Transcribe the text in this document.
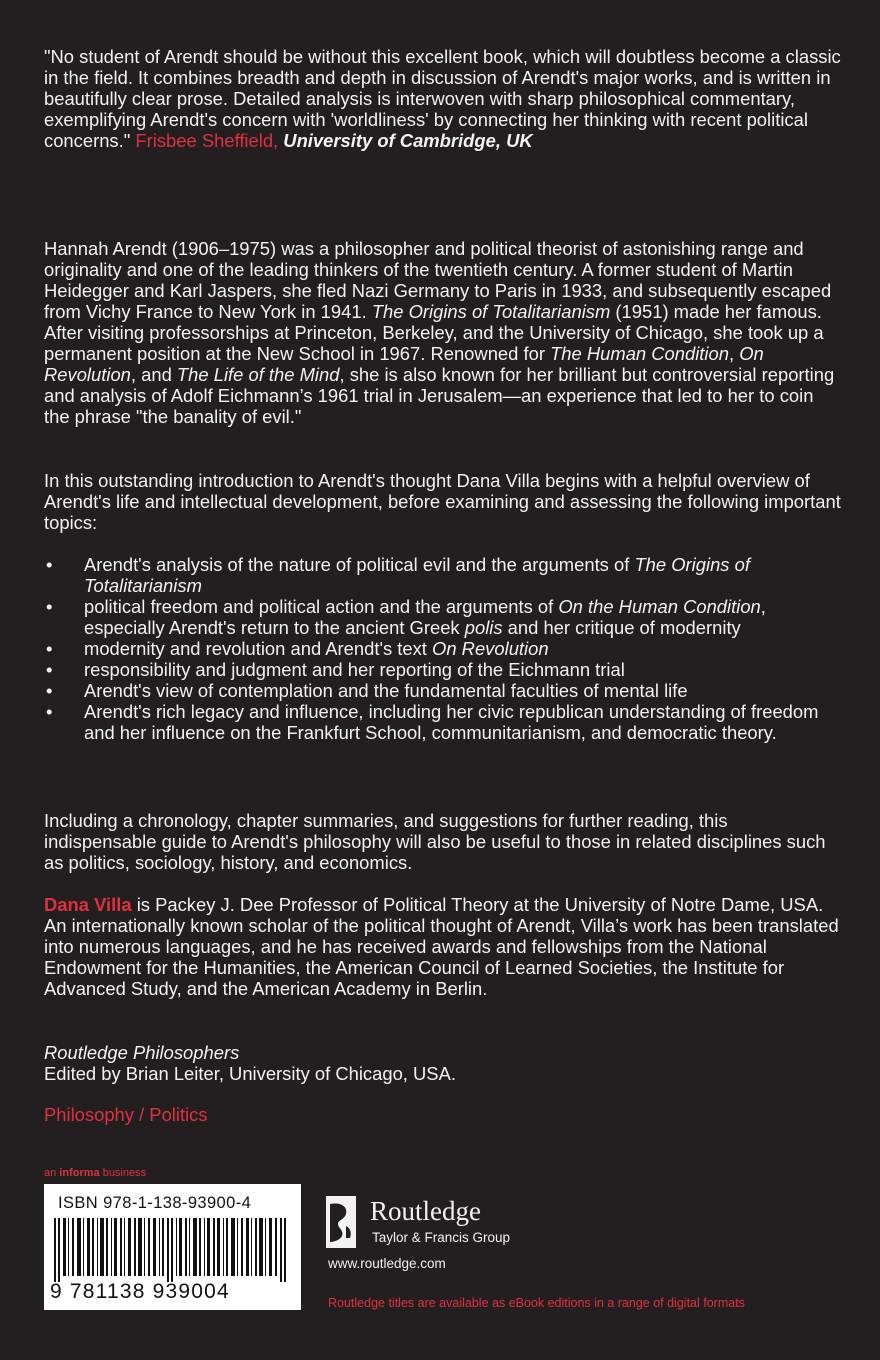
"No student of Arendt should be without this excellent book, which will doubtless become a classic in the field. It combines breadth and depth in discussion of Arendt's major works, and is written in beautifully clear prose. Detailed analysis is interwoven with sharp philosophical commentary, exemplifying Arendt's concern with 'worldliness' by connecting her thinking with recent political concerns." Frisbee Sheffield, University of Cambridge, UK
Hannah Arendt (1906–1975) was a philosopher and political theorist of astonishing range and originality and one of the leading thinkers of the twentieth century. A former student of Martin Heidegger and Karl Jaspers, she fled Nazi Germany to Paris in 1933, and subsequently escaped from Vichy France to New York in 1941. The Origins of Totalitarianism (1951) made her famous. After visiting professorships at Princeton, Berkeley, and the University of Chicago, she took up a permanent position at the New School in 1967. Renowned for The Human Condition, On Revolution, and The Life of the Mind, she is also known for her brilliant but controversial reporting and analysis of Adolf Eichmann’s 1961 trial in Jerusalem—an experience that led to her to coin the phrase "the banality of evil."
In this outstanding introduction to Arendt's thought Dana Villa begins with a helpful overview of Arendt's life and intellectual development, before examining and assessing the following important topics:
• Arendt's analysis of the nature of political evil and the arguments of The Origins of Totalitarianism
• political freedom and political action and the arguments of On the Human Condition, especially Arendt's return to the ancient Greek polis and her critique of modernity
• modernity and revolution and Arendt's text On Revolution
• responsibility and judgment and her reporting of the Eichmann trial
• Arendt's view of contemplation and the fundamental faculties of mental life
• Arendt's rich legacy and influence, including her civic republican understanding of freedom and her influence on the Frankfurt School, communitarianism, and democratic theory.
Including a chronology, chapter summaries, and suggestions for further reading, this indispensable guide to Arendt's philosophy will also be useful to those in related disciplines such as politics, sociology, history, and economics.
Dana Villa is Packey J. Dee Professor of Political Theory at the University of Notre Dame, USA. An internationally known scholar of the political thought of Arendt, Villa’s work has been translated into numerous languages, and he has received awards and fellowships from the National Endowment for the Humanities, the American Council of Learned Societies, the Institute for Advanced Study, and the American Academy in Berlin.
Routledge Philosophers
Edited by Brian Leiter, University of Chicago, USA.
Philosophy / Politics
an informa business
ISBN 978-1-138-93900-4
9 781138 939004
Routledge
Taylor & Francis Group
www.routledge.com
Routledge titles are available as eBook editions in a range of digital formats
